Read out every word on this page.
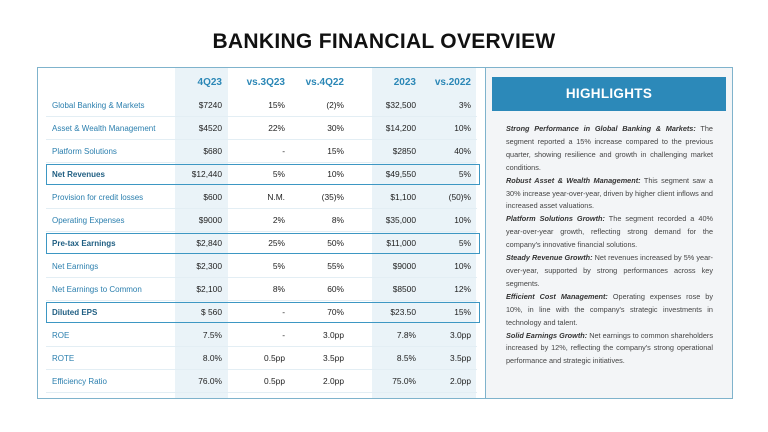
BANKING FINANCIAL OVERVIEW
4Q23	vs.3Q23	vs.4Q22	2023	vs.2022
Global Banking & Markets	$7240	15%	(2)%	$32,500	3%
Asset & Wealth Management	$4520	22%	30%	$14,200	10%
Platform Solutions	$680	-	15%	$2850	40%
Net Revenues	$12,440	5%	10%	$49,550	5%
Provision for credit losses	$600	N.M.	(35)%	$1,100	(50)%
Operating Expenses	$9000	2%	8%	$35,000	10%
Pre-tax Earnings	$2,840	25%	50%	$11,000	5%
Net Earnings	$2,300	5%	55%	$9000	10%
Net Earnings to Common	$2,100	8%	60%	$8500	12%
Diluted EPS	$ 560	-	70%	$23.50	15%
ROE	7.5%	-	3.0pp	7.8%	3.0pp
ROTE	8.0%	0.5pp	3.5pp	8.5%	3.5pp
Efficiency Ratio	76.0%	0.5pp	2.0pp	75.0%	2.0pp
HIGHLIGHTS

Strong Performance in Global Banking & Markets: The segment reported a 15% increase compared to the previous quarter, showing resilience and growth in challenging market conditions.

Robust Asset & Wealth Management: This segment saw a 30% increase year-over-year, driven by higher client inflows and increased asset valuations.

Platform Solutions Growth: The segment recorded a 40% year-over-year growth, reflecting strong demand for the company's innovative financial solutions.

Steady Revenue Growth: Net revenues increased by 5% year-over-year, supported by strong performances across key segments.

Efficient Cost Management: Operating expenses rose by 10%, in line with the company's strategic investments in technology and talent.

Solid Earnings Growth: Net earnings to common shareholders increased by 12%, reflecting the company's strong operational performance and strategic initiatives.
